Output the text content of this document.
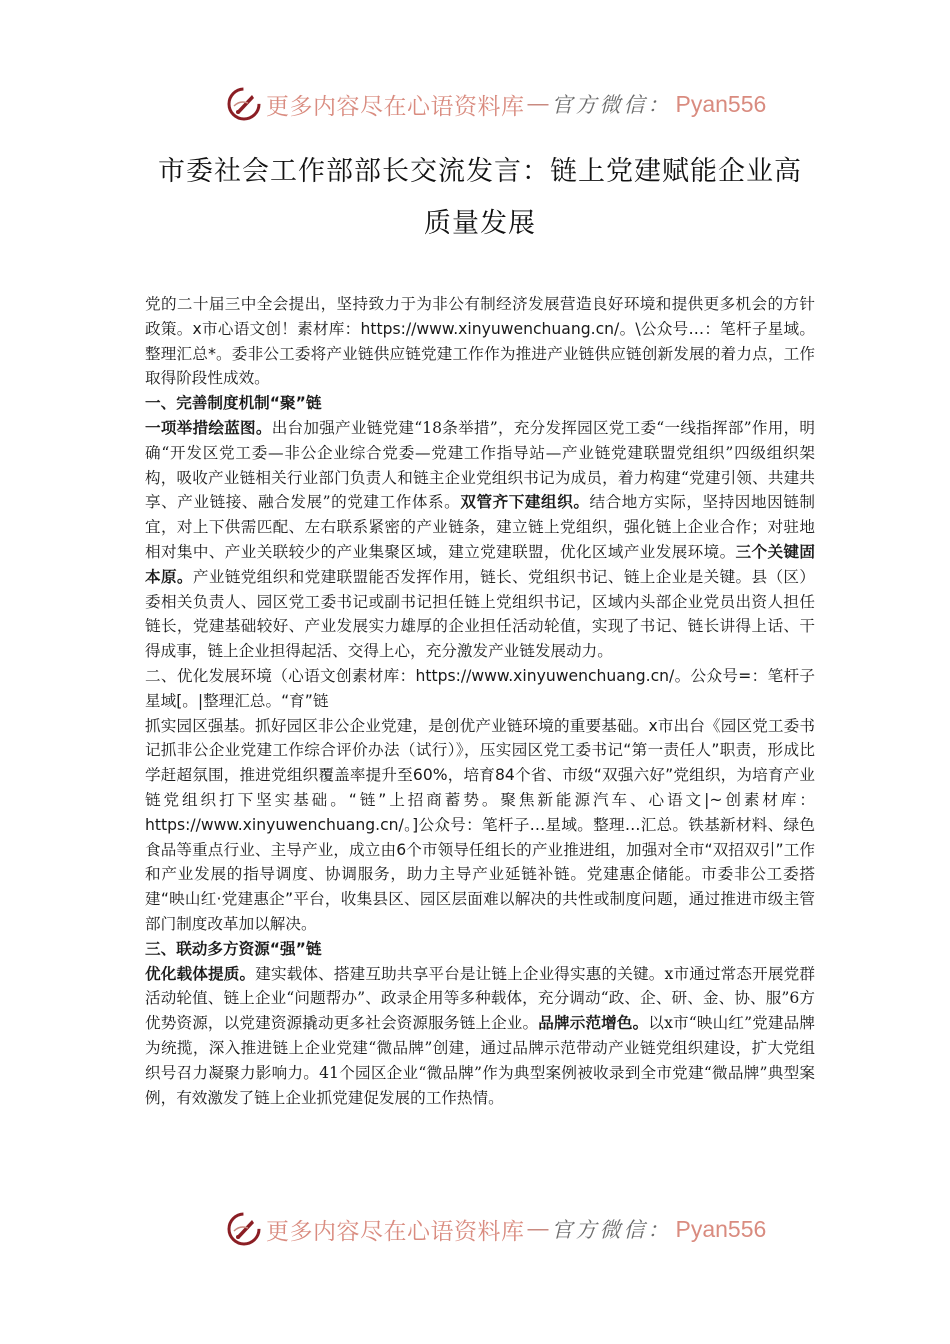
更多内容尽在心语资料库 — 官方微信： Pyan556
市委社会工作部部长交流发言：链上党建赋能企业高
质量发展

党的二十届三中全会提出，坚持致力于为非公有制经济发展营造良好环境和提供更多机会的方针政策。x市心语文创！素材库：https://www.xinyuwenchuang.cn/。\公众号…：笔杆子星域。整理汇总*。委非公工委将产业链供应链党建工作作为推进产业链供应链创新发展的着力点，工作取得阶段性成效。

一、完善制度机制“聚”链

一项举措绘蓝图。出台加强产业链党建“18条举措”，充分发挥园区党工委“一线指挥部”作用，明确“开发区党工委—非公企业综合党委—党建工作指导站—产业链党建联盟党组织”四级组织架构，吸收产业链相关行业部门负责人和链主企业党组织书记为成员，着力构建“党建引领、共建共享、产业链接、融合发展”的党建工作体系。双管齐下建组织。结合地方实际，坚持因地因链制宜，对上下供需匹配、左右联系紧密的产业链条，建立链上党组织，强化链上企业合作；对驻地相对集中、产业关联较少的产业集聚区域，建立党建联盟，优化区域产业发展环境。三个关键固本原。产业链党组织和党建联盟能否发挥作用，链长、党组织书记、链上企业是关键。县（区）委相关负责人、园区党工委书记或副书记担任链上党组织书记，区域内头部企业党员出资人担任链长，党建基础较好、产业发展实力雄厚的企业担任活动轮值，实现了书记、链长讲得上话、干得成事，链上企业担得起活、交得上心，充分激发产业链发展动力。

二、优化发展环境（心语文创素材库：https://www.xinyuwenchuang.cn/。公众号=：笔杆子星域[。|整理汇总。“育”链

抓实园区强基。抓好园区非公企业党建，是创优产业链环境的重要基础。x市出台《园区党工委书记抓非公企业党建工作综合评价办法（试行）》，压实园区党工委书记“第一责任人”职责，形成比学赶超氛围，推进党组织覆盖率提升至60%，培育84个省、市级“双强六好”党组织，为培育产业链党组织打下坚实基础。“链”上招商蓄势。聚焦新能源汽车、心语文|~创素材库：https://www.xinyuwenchuang.cn/。]公众号：笔杆子…星域。整理…汇总。铁基新材料、绿色食品等重点行业、主导产业，成立由6个市领导任组长的产业推进组，加强对全市“双招双引”工作和产业发展的指导调度、协调服务，助力主导产业延链补链。党建惠企储能。市委非公工委搭建“映山红·党建惠企”平台，收集县区、园区层面难以解决的共性或制度问题，通过推进市级主管部门制度改革加以解决。

三、联动多方资源“强”链

优化载体提质。建实载体、搭建互助共享平台是让链上企业得实惠的关键。x市通过常态开展党群活动轮值、链上企业“问题帮办”、政录企用等多种载体，充分调动“政、企、研、金、协、服”6方优势资源，以党建资源撬动更多社会资源服务链上企业。品牌示范增色。以x市“映山红”党建品牌为统揽，深入推进链上企业党建“微品牌”创建，通过品牌示范带动产业链党组织建设，扩大党组织号召力凝聚力影响力。41个园区企业“微品牌”作为典型案例被收录到全市党建“微品牌”典型案例，有效激发了链上企业抓党建促发展的工作热情。

更多内容尽在心语资料库 — 官方微信： Pyan556
